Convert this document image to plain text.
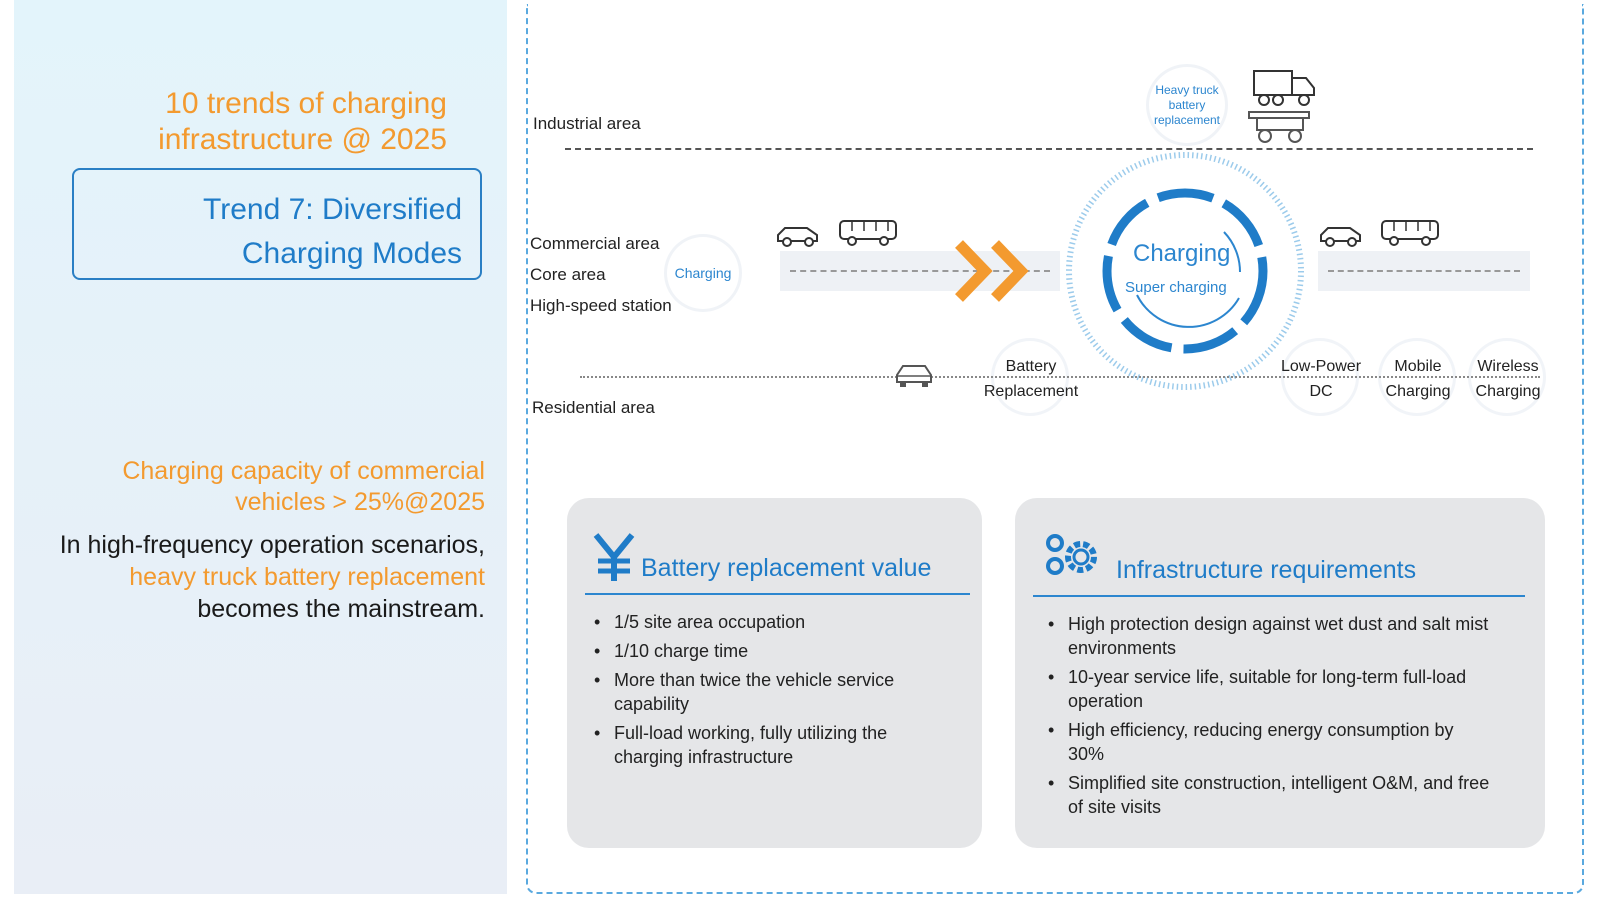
10 trends of charging
infrastructure @ 2025
Trend 7: Diversified
Charging Modes
Charging capacity of commercial
vehicles > 25%@2025
In high-frequency operation scenarios,
heavy truck battery replacement
becomes the mainstream.
Industrial area
Commercial area
Core area
High-speed station
Residential area
Heavy truck
battery
replacement
Charging
Charging
Super charging
Battery
Replacement
Low-Power
DC
Mobile
Charging
Wireless
Charging
Battery replacement value
• 1/5 site area occupation
• 1/10 charge time
• More than twice the vehicle service capability
• Full-load working, fully utilizing the charging infrastructure
Infrastructure requirements
• High protection design against wet dust and salt mist environments
• 10-year service life, suitable for long-term full-load operation
• High efficiency, reducing energy consumption by 30%
• Simplified site construction, intelligent O&M, and free of site visits
